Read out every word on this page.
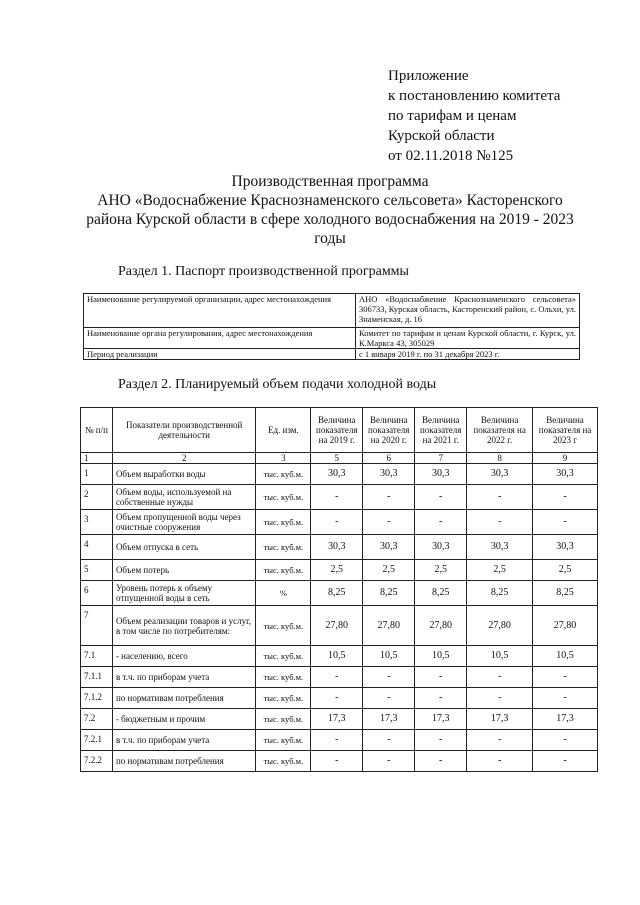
Приложение
к постановлению комитета
по тарифам и ценам
Курской области
от 02.11.2018 №125
Производственная программа
АНО «Водоснабжение Краснознаменского сельсовета» Касторенского
района Курской области в сфере холодного водоснабжения на 2019 - 2023
годы
Раздел 1. Паспорт производственной программы
Наименование регулируемой организации, адрес местонахождения	АНО «Водоснабжение Краснознаменского сельсовета» 306733, Курская область, Касторенский район, с. Ольхи, ул. Знаменская, д. 16
Наименование органа регулирования, адрес местонахождения	Комитет по тарифам и ценам Курской области, г. Курск, ул. К.Маркса 43, 305029
Период реализации	с 1 января 2019 г. по 31 декабря 2023 г.
Раздел 2. Планируемый объем подачи холодной воды
№ п/п	Показатели производственной деятельности	Ед. изм.	Величина показателя на 2019 г.	Величина показателя на 2020 г.	Величина показателя на 2021 г.	Величина показателя на 2022 г.	Величина показателя на 2023 г
1	2	3	5	6	7	8	9
1	Объем выработки воды	тыс. куб.м.	30,3	30,3	30,3	30,3	30,3
2	Объем воды, используемой на собственные нужды	тыс. куб.м.	-	-	-	-	-
3	Объем пропущенной воды через очистные сооружения	тыс. куб.м.	-	-	-	-	-
4	Объем отпуска в сеть	тыс. куб.м.	30,3	30,3	30,3	30,3	30,3
5	Объем потерь	тыс. куб.м.	2,5	2,5	2,5	2,5	2,5
6	Уровень потерь к объему отпущенной воды в сеть	%	8,25	8,25	8,25	8,25	8,25
7	Объем реализации товаров и услуг, в том числе по потребителям:	тыс. куб.м.	27,80	27,80	27,80	27,80	27,80
7.1	- населению, всего	тыс. куб.м.	10,5	10,5	10,5	10,5	10,5
7.1.1	в т.ч. по приборам учета	тыс. куб.м.	-	-	-	-	-
7.1.2	по нормативам потребления	тыс. куб.м.	-	-	-	-	-
7.2	- бюджетным и прочим	тыс. куб.м.	17,3	17,3	17,3	17,3	17,3
7.2.1	в т.ч. по приборам учета	тыс. куб.м.	-	-	-	-	-
7.2.2	по нормативам потребления	тыс. куб.м.	-	-	-	-	-
